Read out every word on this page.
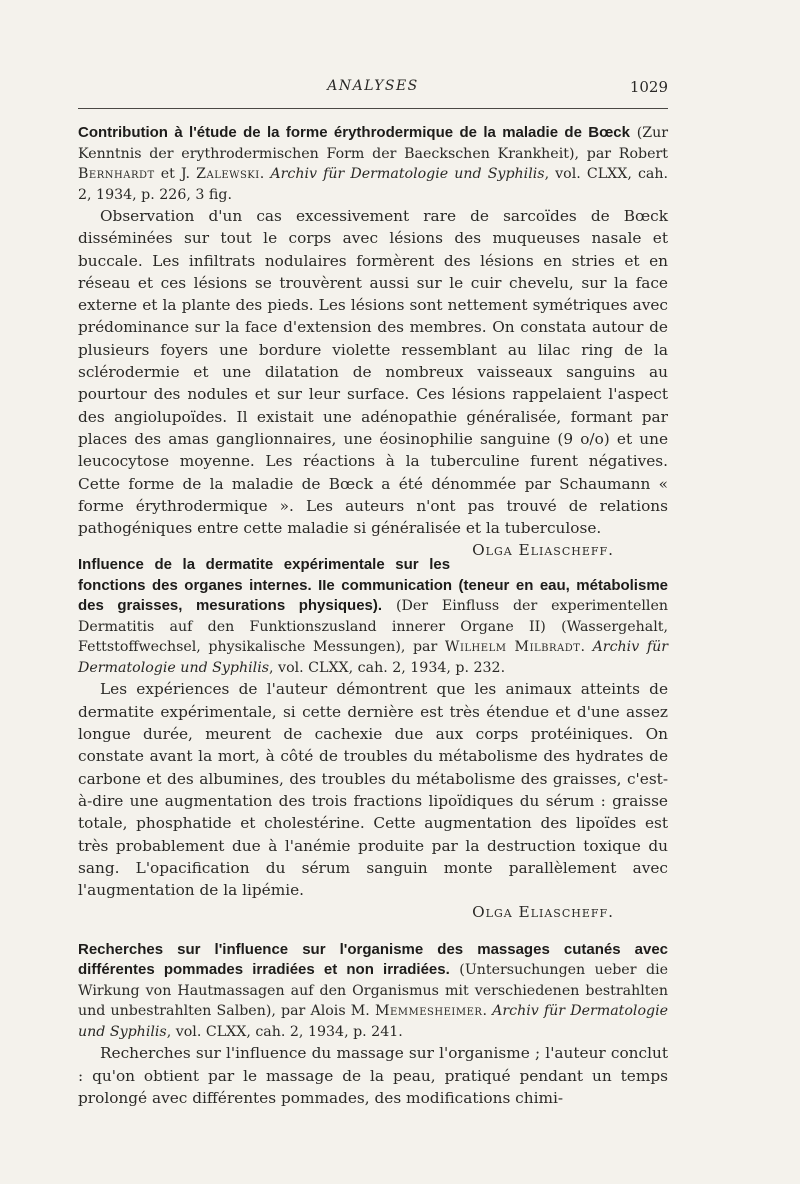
ANALYSES	1029

Contribution à l'étude de la forme érythrodermique de la maladie de Bœck (Zur Kenntnis der erythrodermischen Form der Baeckschen Krankheit), par Robert Bernhardt et J. Zalewski. Archiv für Dermatologie und Syphilis, vol. CLXX, cah. 2, 1934, p. 226, 3 fig.

Observation d'un cas excessivement rare de sarcoïdes de Bœck disséminées sur tout le corps avec lésions des muqueuses nasale et buccale. Les infiltrats nodulaires formèrent des lésions en stries et en réseau et ces lésions se trouvèrent aussi sur le cuir chevelu, sur la face externe et la plante des pieds. Les lésions sont nettement symétriques avec prédominance sur la face d'extension des membres. On constata autour de plusieurs foyers une bordure violette ressemblant au lilac ring de la sclérodermie et une dilatation de nombreux vaisseaux sanguins au pourtour des nodules et sur leur surface. Ces lésions rappelaient l'aspect des angiolupoïdes. Il existait une adénopathie généralisée, formant par places des amas ganglionnaires, une éosinophilie sanguine (9 o/o) et une leucocytose moyenne. Les réactions à la tuberculine furent négatives. Cette forme de la maladie de Bœck a été dénommée par Schaumann « forme érythrodermique ». Les auteurs n'ont pas trouvé de relations pathogéniques entre cette maladie si généralisée et la tuberculose.
Olga Eliascheff.

Influence de la dermatite expérimentale sur les fonctions des organes internes. IIe communication (teneur en eau, métabolisme des graisses, mesurations physiques). (Der Einfluss der experimentellen Dermatitis auf den Funktionszusland innerer Organe II) (Wassergehalt, Fettstoffwechsel, physikalische Messungen), par Wilhelm Milbradt. Archiv für Dermatologie und Syphilis, vol. CLXX, cah. 2, 1934, p. 232.

Les expériences de l'auteur démontrent que les animaux atteints de dermatite expérimentale, si cette dernière est très étendue et d'une assez longue durée, meurent de cachexie due aux corps protéiniques. On constate avant la mort, à côté de troubles du métabolisme des hydrates de carbone et des albumines, des troubles du métabolisme des graisses, c'est-à-dire une augmentation des trois fractions lipoïdiques du sérum : graisse totale, phosphatide et cholestérine. Cette augmentation des lipoïdes est très probablement due à l'anémie produite par la destruction toxique du sang. L'opacification du sérum sanguin monte parallèlement avec l'augmentation de la lipémie.

Olga Eliascheff.

Recherches sur l'influence sur l'organisme des massages cutanés avec différentes pommades irradiées et non irradiées. (Untersuchungen ueber die Wirkung von Hautmassagen auf den Organismus mit verschiedenen bestrahlten und unbestrahlten Salben), par Alois M. Memmesheimer. Archiv für Dermatologie und Syphilis, vol. CLXX, cah. 2, 1934, p. 241.

Recherches sur l'influence du massage sur l'organisme ; l'auteur conclut : qu'on obtient par le massage de la peau, pratiqué pendant un temps prolongé avec différentes pommades, des modifications chimi-
